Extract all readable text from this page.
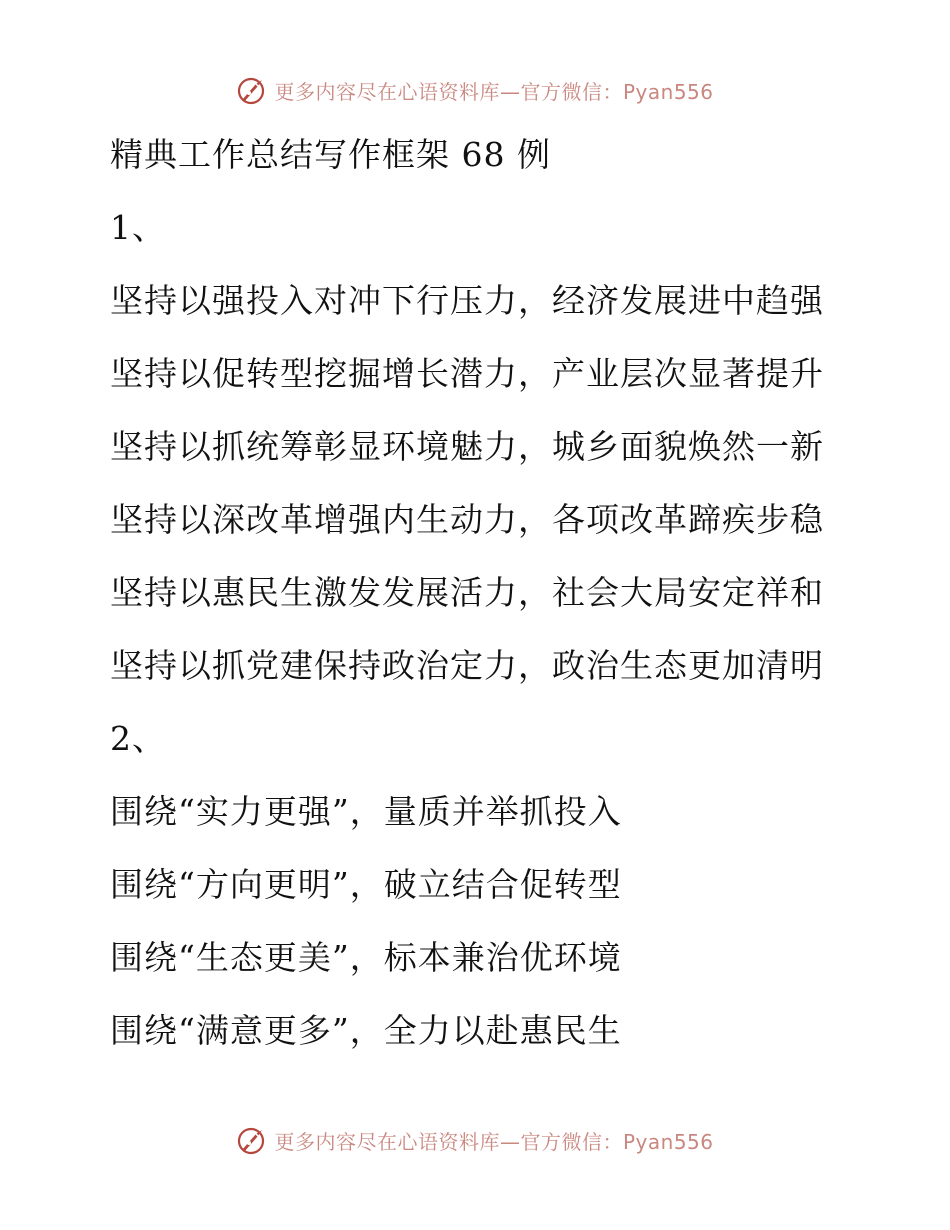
更多内容尽在心语资料库—官方微信：Pyan556
精典工作总结写作框架 68 例
1、
坚持以强投入对冲下行压力，经济发展进中趋强
坚持以促转型挖掘增长潜力，产业层次显著提升
坚持以抓统筹彰显环境魅力，城乡面貌焕然一新
坚持以深改革增强内生动力，各项改革蹄疾步稳
坚持以惠民生激发发展活力，社会大局安定祥和
坚持以抓党建保持政治定力，政治生态更加清明
2、
围绕“实力更强”，量质并举抓投入
围绕“方向更明”，破立结合促转型
围绕“生态更美”，标本兼治优环境
围绕“满意更多”，全力以赴惠民生
更多内容尽在心语资料库—官方微信：Pyan556
